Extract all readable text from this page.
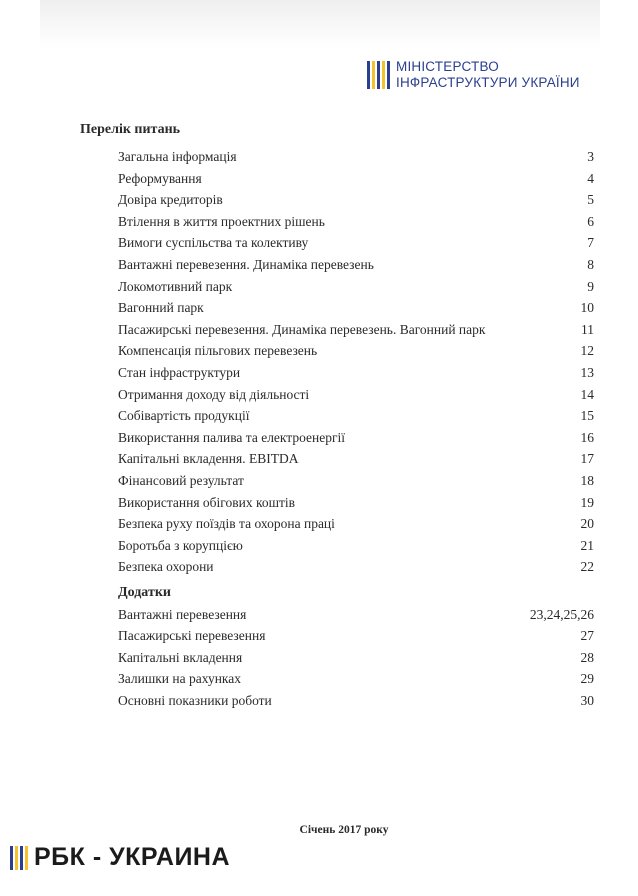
МІНІСТЕРСТВО
ІНФРАСТРУКТУРИ УКРАЇНИ
Перелік питань
Загальна інформація	3
Реформування	4
Довіра кредиторів	5
Втілення в життя проектних рішень	6
Вимоги суспільства та колективу	7
Вантажні перевезення. Динаміка перевезень	8
Локомотивний парк	9
Вагонний парк	10
Пасажирські перевезення. Динаміка перевезень. Вагонний парк	11
Компенсація пільгових перевезень	12
Стан інфраструктури	13
Отримання доходу від діяльності	14
Собівартість продукції	15
Використання палива та електроенергії	16
Капітальні вкладення. EBITDA	17
Фінансовий результат	18
Використання обігових коштів	19
Безпека руху поїздів та охорона праці	20
Боротьба з корупцією	21
Безпека охорони	22
Додатки
Вантажні перевезення	23,24,25,26
Пасажирські перевезення	27
Капітальні вкладення	28
Залишки на рахунках	29
Основні показники роботи	30
Січень 2017 року
РБК - УКРАИНА
